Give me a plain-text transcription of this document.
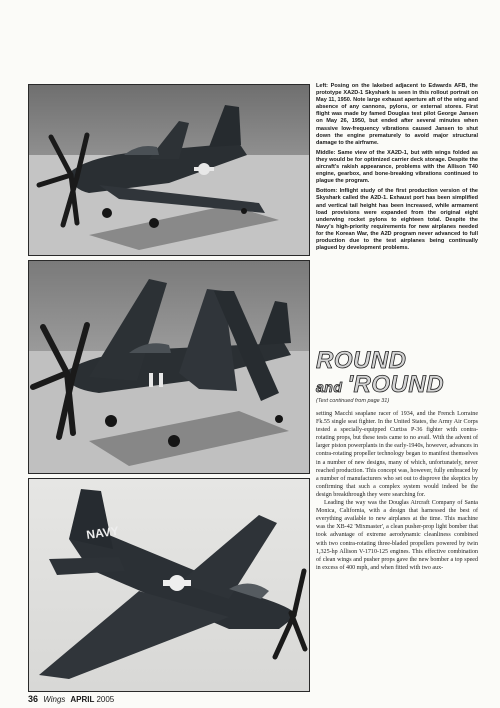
NAVY

Left: Posing on the lakebed adjacent to Edwards AFB, the prototype XA2D-1 Skyshark is seen in this rollout portrait on May 11, 1950. Note large exhaust aperture aft of the wing and absence of any cannons, pylons, or external stores. First flight was made by famed Douglas test pilot George Jansen on May 26, 1950, but ended after several minutes when massive low-frequency vibrations caused Jansen to shut down the engine prematurely to avoid major structural damage to the airframe.

Middle: Same view of the XA2D-1, but with wings folded as they would be for optimized carrier deck storage. Despite the aircraft's rakish appearance, problems with the Allison T40 engine, gearbox, and bone-breaking vibrations continued to plague the program.

Bottom: Inflight study of the first production version of the Skyshark called the A2D-1. Exhaust port has been simplified and vertical tail height has been increased, while armament load provisions were expanded from the original eight underwing rocket pylons to eighteen total. Despite the Navy's high-priority requirements for new airplanes needed for the Korean War, the A2D program never advanced to full production due to the test airplanes being continually plagued by development problems.

ROUND
and 'ROUND
(Text continued from page 31)

setting Macchi seaplane racer of 1934, and the French Lorraine Fk.55 single seat fighter. In the United States, the Army Air Corps tested a specially-equipped Curtiss P-36 fighter with contra-rotating props, but these tests came to no avail. With the advent of larger piston powerplants in the early-1940s, however, advances in contra-rotating propeller technology began to manifest themselves in a number of new designs, many of which, unfortunately, never reached production. This concept was, however, fully embraced by a number of manufacturers who set out to disprove the skeptics by confirming that such a complex system would indeed be the design breakthrough they were searching for.

Leading the way was the Douglas Aircraft Company of Santa Monica, California, with a design that harnessed the best of everything available to new airplanes at the time. This machine was the XB-42 'Mixmaster', a clean pusher-prop light bomber that took advantage of extreme aerodynamic cleanliness combined with two contra-rotating three-bladed propellers powered by twin 1,325-hp Allison V-1710-125 engines. This effective combination of clean wings and pusher props gave the new bomber a top speed in excess of 400 mph, and when fitted with two aux-

36 Wings APRIL 2005
